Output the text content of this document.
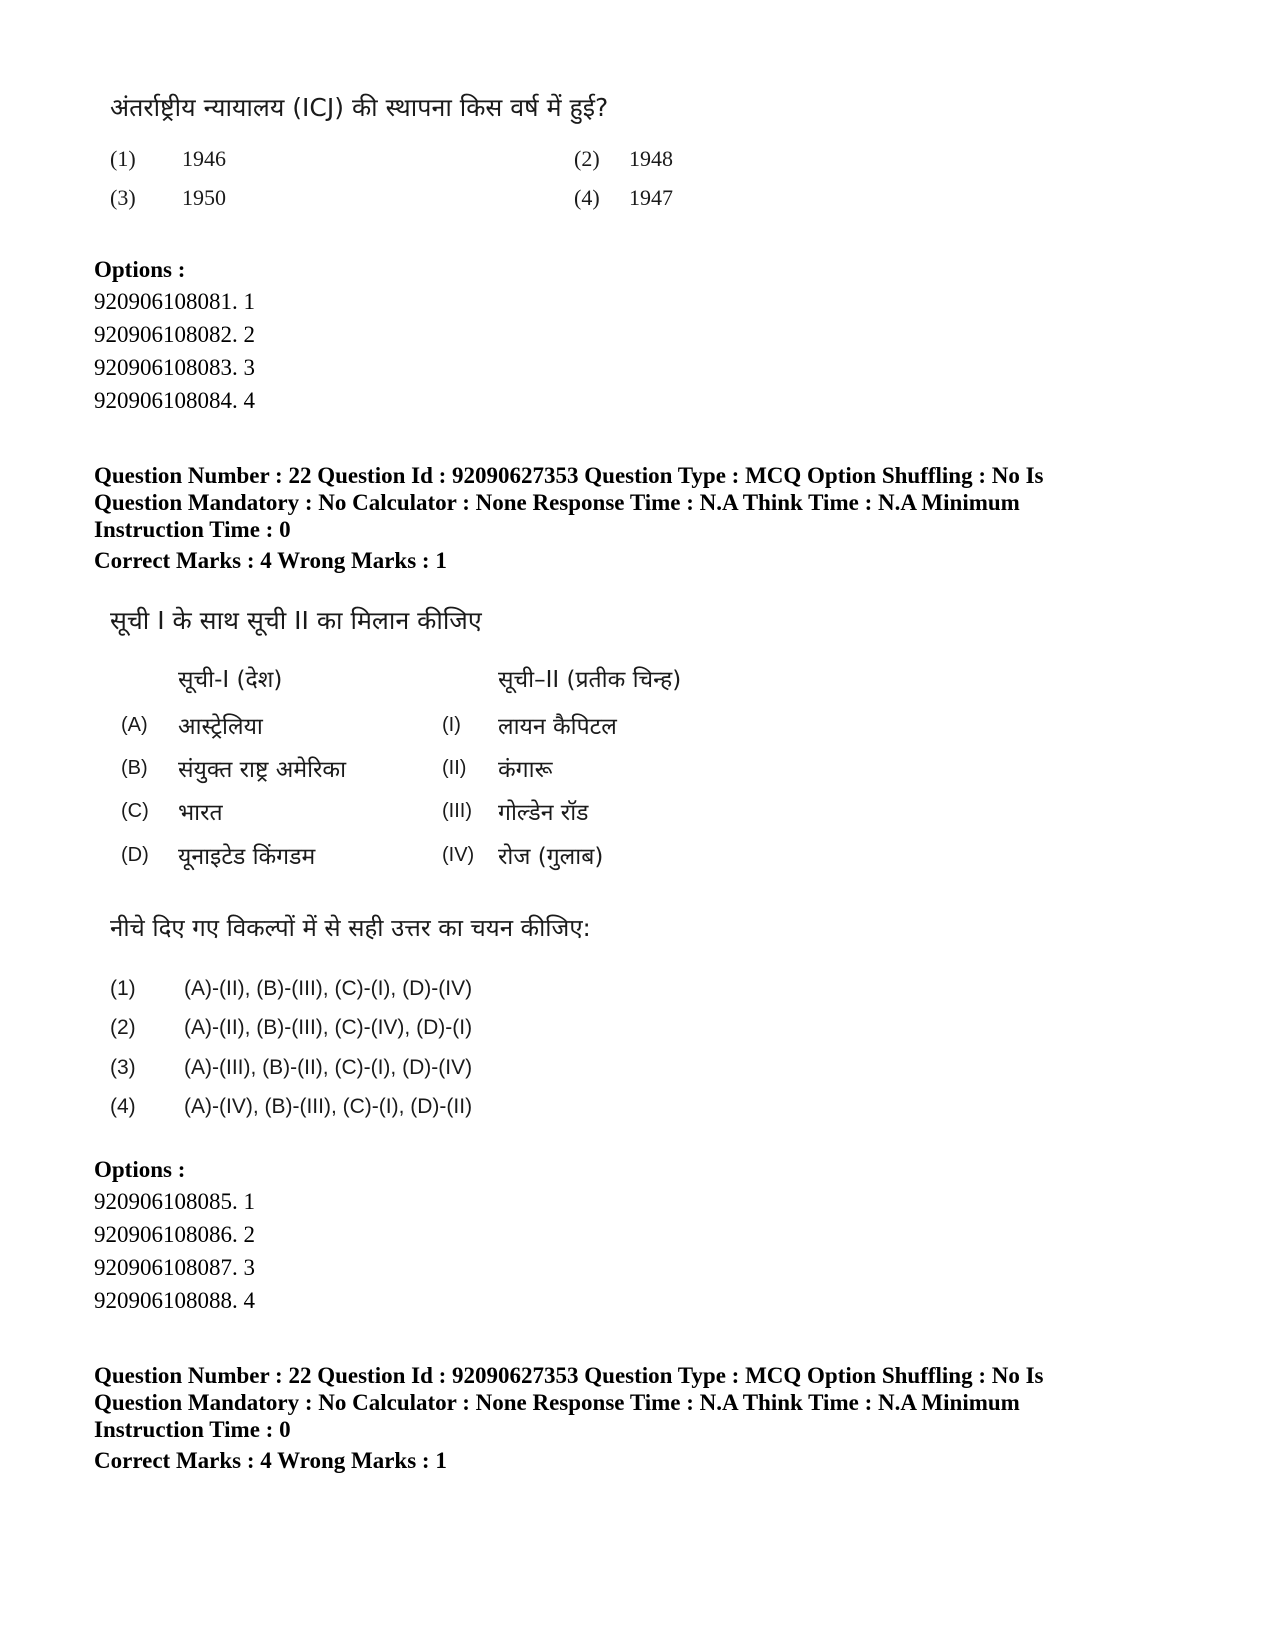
अंतर्राष्ट्रीय न्यायालय (ICJ) की स्थापना किस वर्ष में हुई?
(1) 1946	(2) 1948
(3) 1950	(4) 1947
Options :
920906108081. 1
920906108082. 2
920906108083. 3
920906108084. 4
Question Number : 22 Question Id : 92090627353 Question Type : MCQ Option Shuffling : No Is Question Mandatory : No Calculator : None Response Time : N.A Think Time : N.A Minimum Instruction Time : 0
Correct Marks : 4 Wrong Marks : 1
सूची I के साथ सूची II का मिलान कीजिए
सूची-I (देश)	सूची–II (प्रतीक चिन्ह)
(A) आस्ट्रेलिया	(I) लायन कैपिटल
(B) संयुक्त राष्ट्र अमेरिका	(II) कंगारू
(C) भारत	(III) गोल्डेन रॉड
(D) यूनाइटेड किंगडम	(IV) रोज (गुलाब)
नीचे दिए गए विकल्पों में से सही उत्तर का चयन कीजिए:
(1) (A)-(II), (B)-(III), (C)-(I), (D)-(IV)
(2) (A)-(II), (B)-(III), (C)-(IV), (D)-(I)
(3) (A)-(III), (B)-(II), (C)-(I), (D)-(IV)
(4) (A)-(IV), (B)-(III), (C)-(I), (D)-(II)
Options :
920906108085. 1
920906108086. 2
920906108087. 3
920906108088. 4
Question Number : 22 Question Id : 92090627353 Question Type : MCQ Option Shuffling : No Is Question Mandatory : No Calculator : None Response Time : N.A Think Time : N.A Minimum Instruction Time : 0
Correct Marks : 4 Wrong Marks : 1
